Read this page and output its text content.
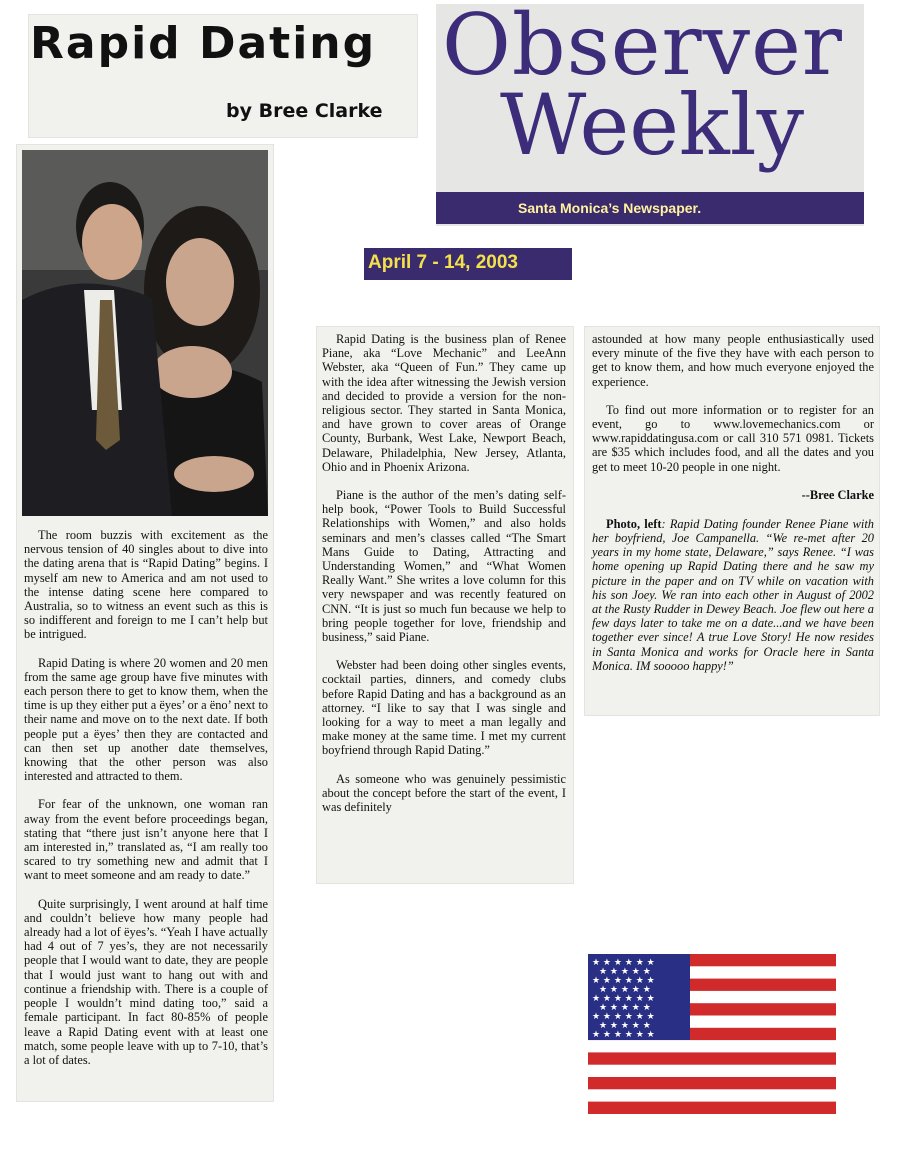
Rapid Dating
by Bree Clarke
Observer
Weekly
Santa Monica’s Newspaper.
April 7 - 14, 2003

The room buzzis with excitement as the nervous tension of 40 singles about to dive into the dating arena that is “Rapid Dating” begins. I myself am new to America and am not used to the intense dating scene here compared to Australia, so to witness an event such as this is so indifferent and foreign to me I can’t help but be intrigued.

Rapid Dating is where 20 women and 20 men from the same age group have five minutes with each person there to get to know them, when the time is up they either put a ëyes’ or a ëno’ next to their name and move on to the next date. If both people put a ëyes’ then they are contacted and can then set up another date themselves, knowing that the other person was also interested and attracted to them.

For fear of the unknown, one woman ran away from the event before proceedings began, stating that “there just isn’t anyone here that I am interested in,” translated as, “I am really too scared to try something new and admit that I want to meet someone and am ready to date.”

Quite surprisingly, I went around at half time and couldn’t believe how many people had already had a lot of ëyes’s. “Yeah I have actually had 4 out of 7 yes’s, they are not necessarily people that I would want to date, they are people that I would just want to hang out with and continue a friendship with. There is a couple of people I wouldn’t mind dating too,” said a female participant. In fact 80-85% of people leave a Rapid Dating event with at least one match, some people leave with up to 7-10, that’s a lot of dates.

Rapid Dating is the business plan of Renee Piane, aka “Love Mechanic” and LeeAnn Webster, aka “Queen of Fun.” They came up with the idea after witnessing the Jewish version and decided to provide a version for the non-religious sector. They started in Santa Monica, and have grown to cover areas of Orange County, Burbank, West Lake, Newport Beach, Delaware, Philadelphia, New Jersey, Atlanta, Ohio and in Phoenix Arizona.

Piane is the author of the men’s dating self-help book, “Power Tools to Build Successful Relationships with Women,” and also holds seminars and men’s classes called “The Smart Mans Guide to Dating, Attracting and Understanding Women,” and “What Women Really Want.” She writes a love column for this very newspaper and was recently featured on CNN. “It is just so much fun because we help to bring people together for love, friendship and business,” said Piane.

Webster had been doing other singles events, cocktail parties, dinners, and comedy clubs before Rapid Dating and has a background as an attorney. “I like to say that I was single and looking for a way to meet a man legally and make money at the same time. I met my current boyfriend through Rapid Dating.”

As someone who was genuinely pessimistic about the concept before the start of the event, I was definitely

astounded at how many people enthusiastically used every minute of the five they have with each person to get to know them, and how much everyone enjoyed the experience.

To find out more information or to register for an event, go to www.lovemechanics.com or www.rapiddatingusa.com or call 310 571 0981. Tickets are $35 which includes food, and all the dates and you get to meet 10-20 people in one night.

--Bree Clarke

Photo, left: Rapid Dating founder Renee Piane with her boyfriend, Joe Campanella. “We re-met after 20 years in my home state, Delaware,” says Renee. “I was home opening up Rapid Dating there and he saw my picture in the paper and on TV while on vacation with his son Joey. We ran into each other in August of 2002 at the Rusty Rudder in Dewey Beach. Joe flew out here a few days later to take me on a date...and we have been together ever since! A true Love Story! He now resides in Santa Monica and works for Oracle here in Santa Monica. IM sooooo happy!”

★ ★ ★ ★ ★ ★
★ ★ ★ ★ ★
★ ★ ★ ★ ★ ★
★ ★ ★ ★ ★
★ ★ ★ ★ ★ ★
★ ★ ★ ★ ★
★ ★ ★ ★ ★ ★
★ ★ ★ ★ ★
★ ★ ★ ★ ★ ★
